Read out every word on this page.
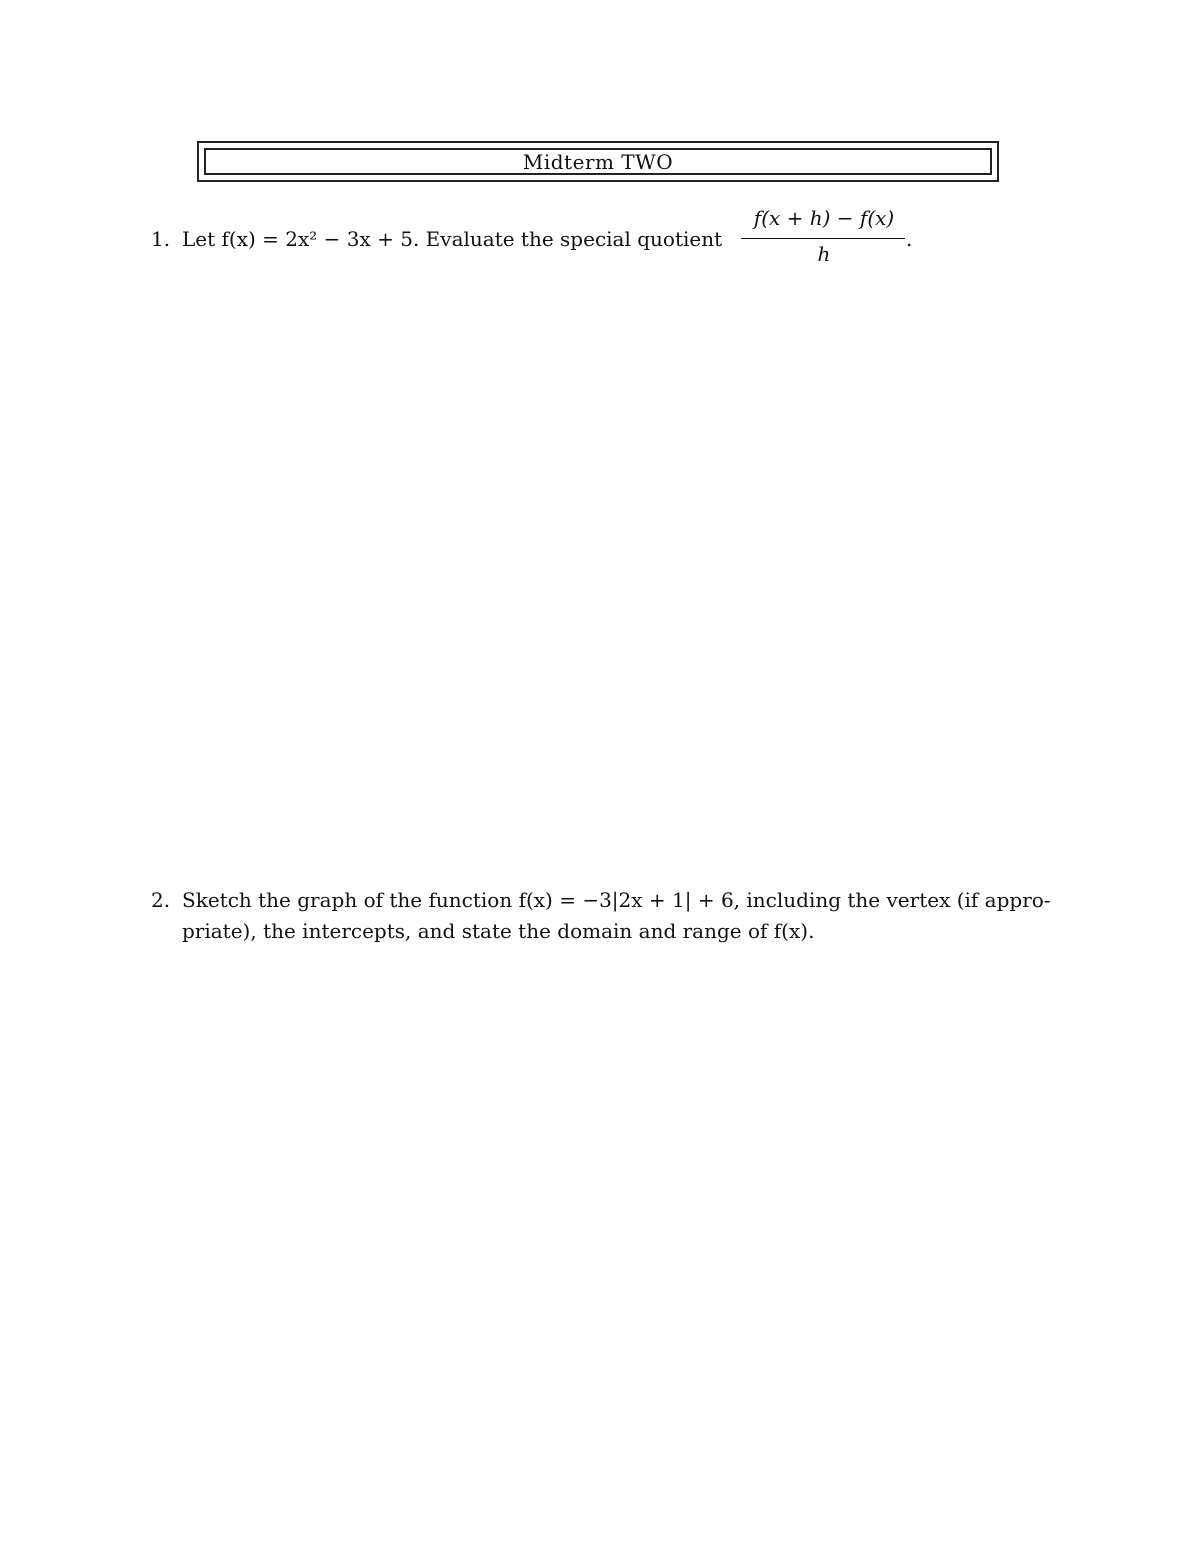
Midterm TWO
1. Let f(x) = 2x² − 3x + 5. Evaluate the special quotient
f(x + h) − f(x)
h
.
2. Sketch the graph of the function f(x) = −3|2x + 1| + 6, including the vertex (if appro-
priate), the intercepts, and state the domain and range of f(x).
